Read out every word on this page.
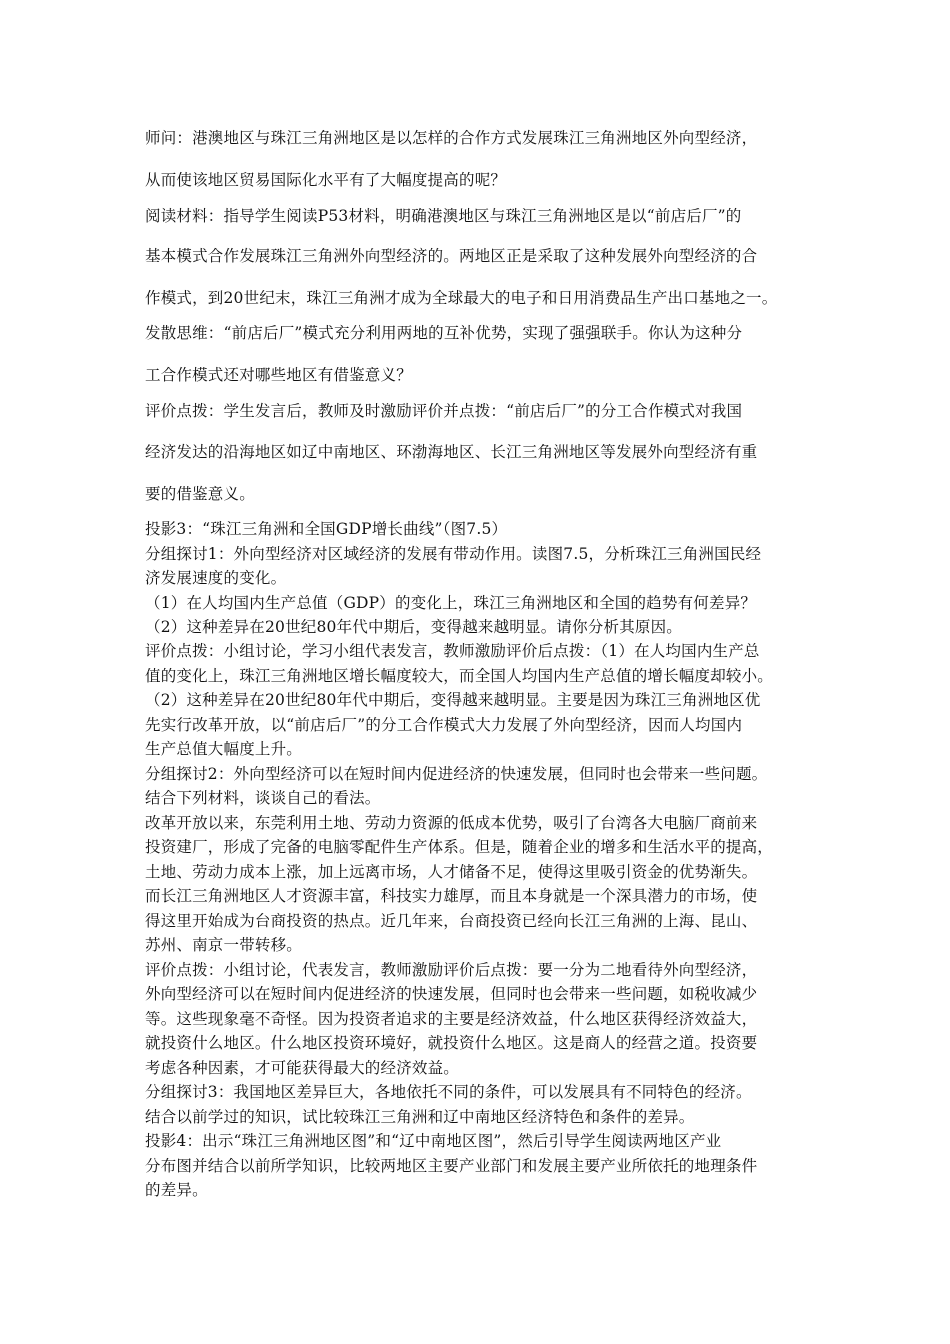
师问：港澳地区与珠江三角洲地区是以怎样的合作方式发展珠江三角洲地区外向型经济，
从而使该地区贸易国际化水平有了大幅度提高的呢？
阅读材料：指导学生阅读P53材料，明确港澳地区与珠江三角洲地区是以“前店后厂”的
基本模式合作发展珠江三角洲外向型经济的。两地区正是采取了这种发展外向型经济的合
作模式，到20世纪末，珠江三角洲才成为全球最大的电子和日用消费品生产出口基地之一。
发散思维：“前店后厂”模式充分利用两地的互补优势，实现了强强联手。你认为这种分
工合作模式还对哪些地区有借鉴意义？
评价点拨：学生发言后，教师及时激励评价并点拨：“前店后厂”的分工合作模式对我国
经济发达的沿海地区如辽中南地区、环渤海地区、长江三角洲地区等发展外向型经济有重
要的借鉴意义。
投影3：“珠江三角洲和全国GDP增长曲线”（图7.5）
分组探讨1：外向型经济对区域经济的发展有带动作用。读图7.5，分析珠江三角洲国民经
济发展速度的变化。
（1）在人均国内生产总值（GDP）的变化上，珠江三角洲地区和全国的趋势有何差异？
（2）这种差异在20世纪80年代中期后，变得越来越明显。请你分析其原因。
评价点拨：小组讨论，学习小组代表发言，教师激励评价后点拨：（1）在人均国内生产总
值的变化上，珠江三角洲地区增长幅度较大，而全国人均国内生产总值的增长幅度却较小。
（2）这种差异在20世纪80年代中期后，变得越来越明显。主要是因为珠江三角洲地区优
先实行改革开放，以“前店后厂”的分工合作模式大力发展了外向型经济，因而人均国内
生产总值大幅度上升。
分组探讨2：外向型经济可以在短时间内促进经济的快速发展，但同时也会带来一些问题。
结合下列材料，谈谈自己的看法。
改革开放以来，东莞利用土地、劳动力资源的低成本优势，吸引了台湾各大电脑厂商前来
投资建厂，形成了完备的电脑零配件生产体系。但是，随着企业的增多和生活水平的提高，
土地、劳动力成本上涨，加上远离市场，人才储备不足，使得这里吸引资金的优势渐失。
而长江三角洲地区人才资源丰富，科技实力雄厚，而且本身就是一个深具潜力的市场，使
得这里开始成为台商投资的热点。近几年来，台商投资已经向长江三角洲的上海、昆山、
苏州、南京一带转移。
评价点拨：小组讨论，代表发言，教师激励评价后点拨：要一分为二地看待外向型经济，
外向型经济可以在短时间内促进经济的快速发展，但同时也会带来一些问题，如税收减少
等。这些现象毫不奇怪。因为投资者追求的主要是经济效益，什么地区获得经济效益大，
就投资什么地区。什么地区投资环境好，就投资什么地区。这是商人的经营之道。投资要
考虑各种因素，才可能获得最大的经济效益。
分组探讨3：我国地区差异巨大，各地依托不同的条件，可以发展具有不同特色的经济。
结合以前学过的知识，试比较珠江三角洲和辽中南地区经济特色和条件的差异。
投影4：出示“珠江三角洲地区图”和“辽中南地区图”，然后引导学生阅读两地区产业
分布图并结合以前所学知识，比较两地区主要产业部门和发展主要产业所依托的地理条件
的差异。
